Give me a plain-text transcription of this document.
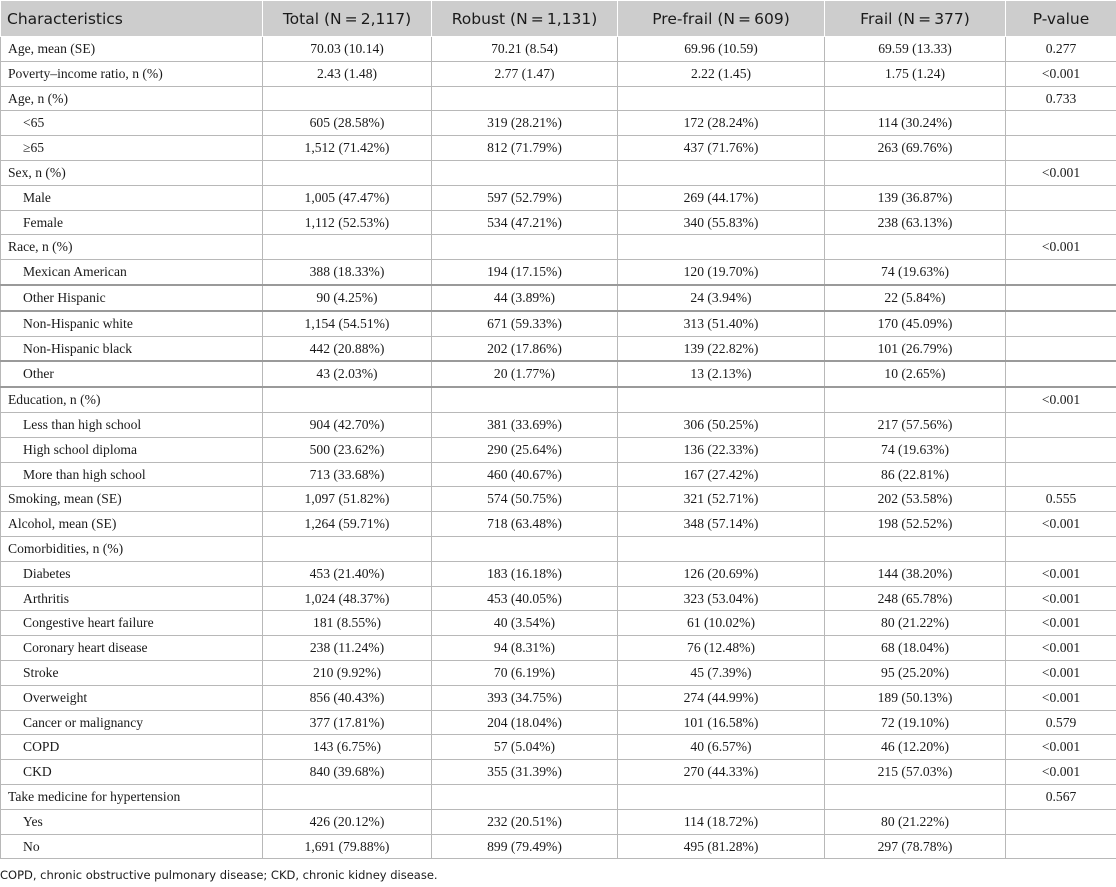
Characteristics	Total (N = 2,117)	Robust (N = 1,131)	Pre-frail (N = 609)	Frail (N = 377)	P-value
Age, mean (SE)	70.03 (10.14)	70.21 (8.54)	69.96 (10.59)	69.59 (13.33)	0.277
Poverty–income ratio, n (%)	2.43 (1.48)	2.77 (1.47)	2.22 (1.45)	1.75 (1.24)	<0.001
Age, n (%)					0.733
<65	605 (28.58%)	319 (28.21%)	172 (28.24%)	114 (30.24%)	
≥65	1,512 (71.42%)	812 (71.79%)	437 (71.76%)	263 (69.76%)	
Sex, n (%)					<0.001
Male	1,005 (47.47%)	597 (52.79%)	269 (44.17%)	139 (36.87%)	
Female	1,112 (52.53%)	534 (47.21%)	340 (55.83%)	238 (63.13%)	
Race, n (%)					<0.001
Mexican American	388 (18.33%)	194 (17.15%)	120 (19.70%)	74 (19.63%)	
Other Hispanic	90 (4.25%)	44 (3.89%)	24 (3.94%)	22 (5.84%)	
Non-Hispanic white	1,154 (54.51%)	671 (59.33%)	313 (51.40%)	170 (45.09%)	
Non-Hispanic black	442 (20.88%)	202 (17.86%)	139 (22.82%)	101 (26.79%)	
Other	43 (2.03%)	20 (1.77%)	13 (2.13%)	10 (2.65%)	
Education, n (%)					<0.001
Less than high school	904 (42.70%)	381 (33.69%)	306 (50.25%)	217 (57.56%)	
High school diploma	500 (23.62%)	290 (25.64%)	136 (22.33%)	74 (19.63%)	
More than high school	713 (33.68%)	460 (40.67%)	167 (27.42%)	86 (22.81%)	
Smoking, mean (SE)	1,097 (51.82%)	574 (50.75%)	321 (52.71%)	202 (53.58%)	0.555
Alcohol, mean (SE)	1,264 (59.71%)	718 (63.48%)	348 (57.14%)	198 (52.52%)	<0.001
Comorbidities, n (%)					
Diabetes	453 (21.40%)	183 (16.18%)	126 (20.69%)	144 (38.20%)	<0.001
Arthritis	1,024 (48.37%)	453 (40.05%)	323 (53.04%)	248 (65.78%)	<0.001
Congestive heart failure	181 (8.55%)	40 (3.54%)	61 (10.02%)	80 (21.22%)	<0.001
Coronary heart disease	238 (11.24%)	94 (8.31%)	76 (12.48%)	68 (18.04%)	<0.001
Stroke	210 (9.92%)	70 (6.19%)	45 (7.39%)	95 (25.20%)	<0.001
Overweight	856 (40.43%)	393 (34.75%)	274 (44.99%)	189 (50.13%)	<0.001
Cancer or malignancy	377 (17.81%)	204 (18.04%)	101 (16.58%)	72 (19.10%)	0.579
COPD	143 (6.75%)	57 (5.04%)	40 (6.57%)	46 (12.20%)	<0.001
CKD	840 (39.68%)	355 (31.39%)	270 (44.33%)	215 (57.03%)	<0.001
Take medicine for hypertension					0.567
Yes	426 (20.12%)	232 (20.51%)	114 (18.72%)	80 (21.22%)	
No	1,691 (79.88%)	899 (79.49%)	495 (81.28%)	297 (78.78%)	
COPD, chronic obstructive pulmonary disease; CKD, chronic kidney disease.
